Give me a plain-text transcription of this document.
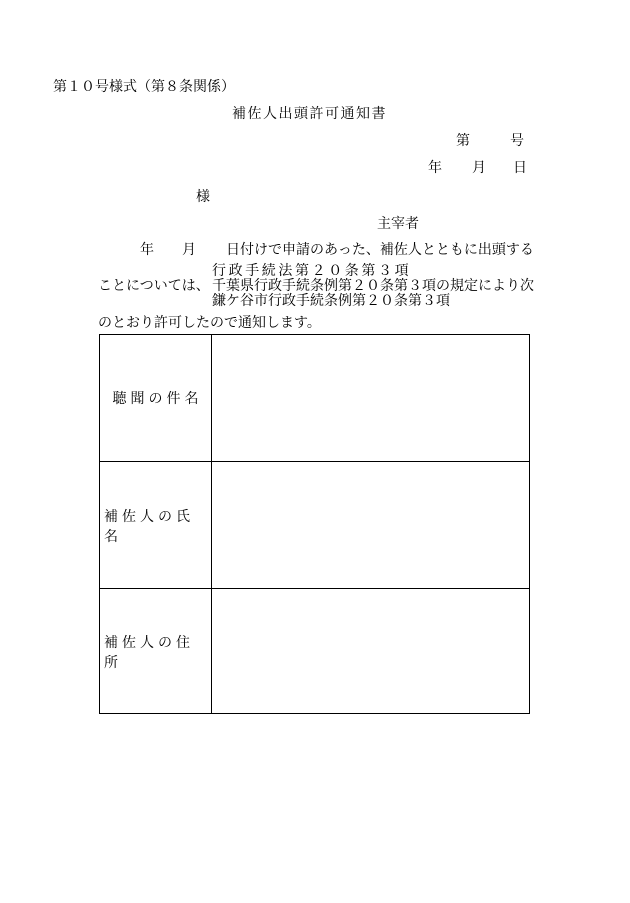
第１０号様式（第８条関係）
補佐人出頭許可通知書
第	号
年 月 日
様
主宰者
年 月 日付けで申請のあった、補佐人とともに出頭する
行政手続法第２０条第３項
ことについては、 千葉県行政手続条例第２０条第３項の規定により次
鎌ケ谷市行政手続条例第２０条第３項
のとおり許可したので通知します。
聴聞の件名
補佐人の氏名
補佐人の住所
